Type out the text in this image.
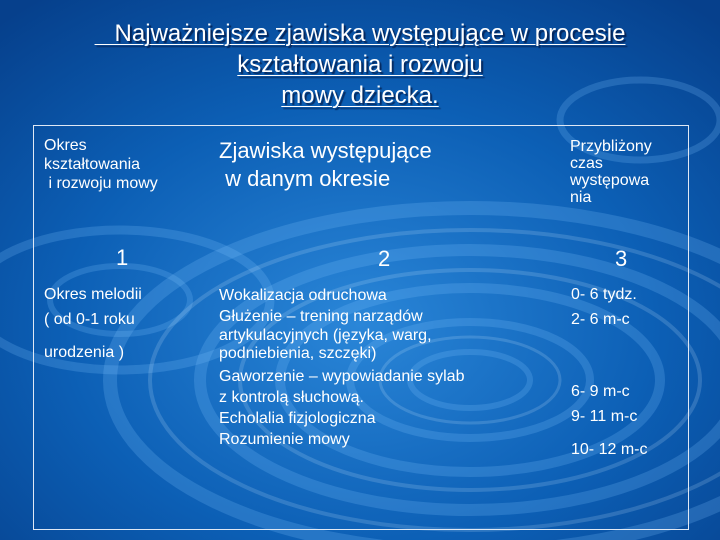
Najważniejsze zjawiska występujące w procesie
kształtowania i rozwoju
mowy dziecka.
Okres
kształtowania
i rozwoju mowy
Zjawiska występujące
w danym okresie
Przybliżony
czas
występowa
nia
1	2	3
Okres melodii
( od 0-1 roku
urodzenia )
Wokalizacja odruchowa
Głużenie – trening narządów
artykulacyjnych (języka, warg,
podniebienia, szczęki)
Gaworzenie – wypowiadanie sylab
z kontrolą słuchową.
Echolalia fizjologiczna
Rozumienie mowy
0- 6 tydz.
2- 6 m-c
6- 9 m-c
9- 11 m-c
10- 12 m-c
